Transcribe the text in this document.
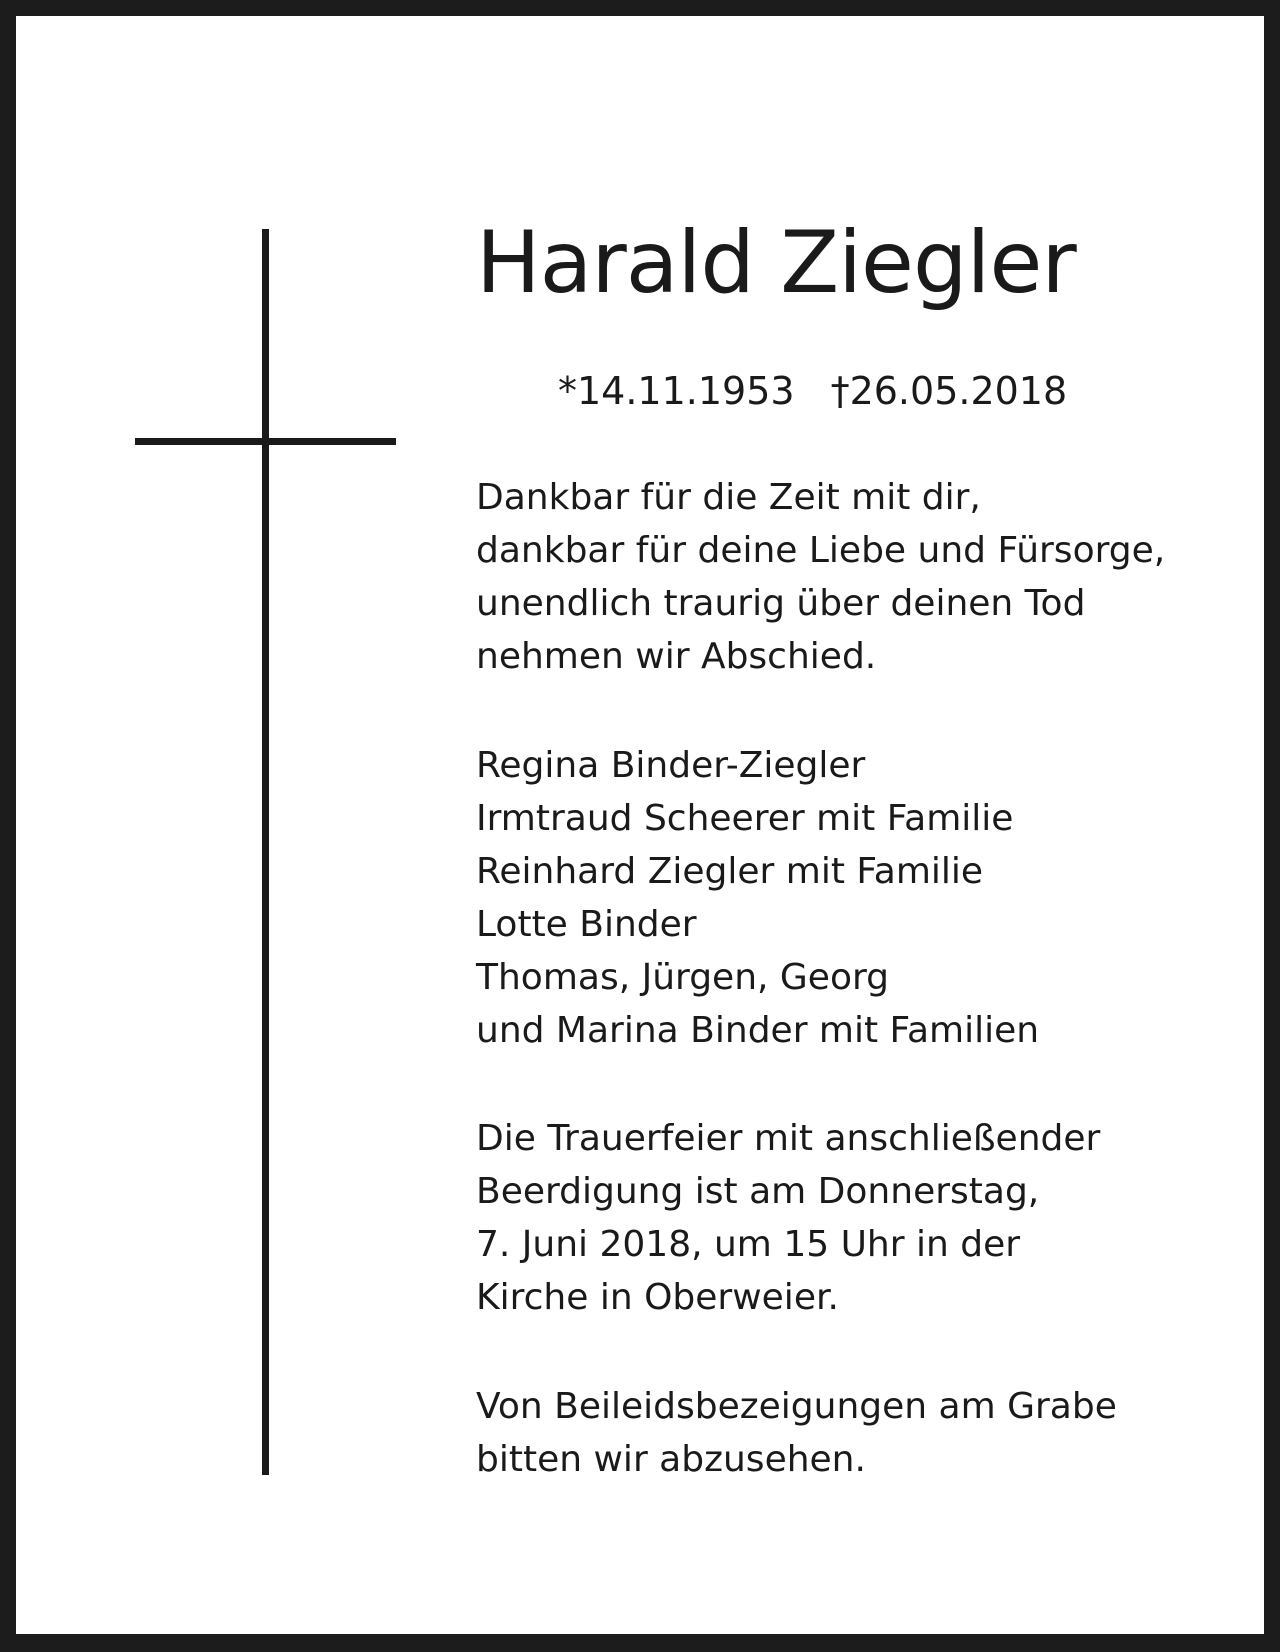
Harald Ziegler
*14.11.1953 †26.05.2018
Dankbar für die Zeit mit dir,
dankbar für deine Liebe und Fürsorge,
unendlich traurig über deinen Tod
nehmen wir Abschied.
Regina Binder-Ziegler
Irmtraud Scheerer mit Familie
Reinhard Ziegler mit Familie
Lotte Binder
Thomas, Jürgen, Georg
und Marina Binder mit Familien
Die Trauerfeier mit anschließender
Beerdigung ist am Donnerstag,
7. Juni 2018, um 15 Uhr in der
Kirche in Oberweier.
Von Beileidsbezeigungen am Grabe
bitten wir abzusehen.
